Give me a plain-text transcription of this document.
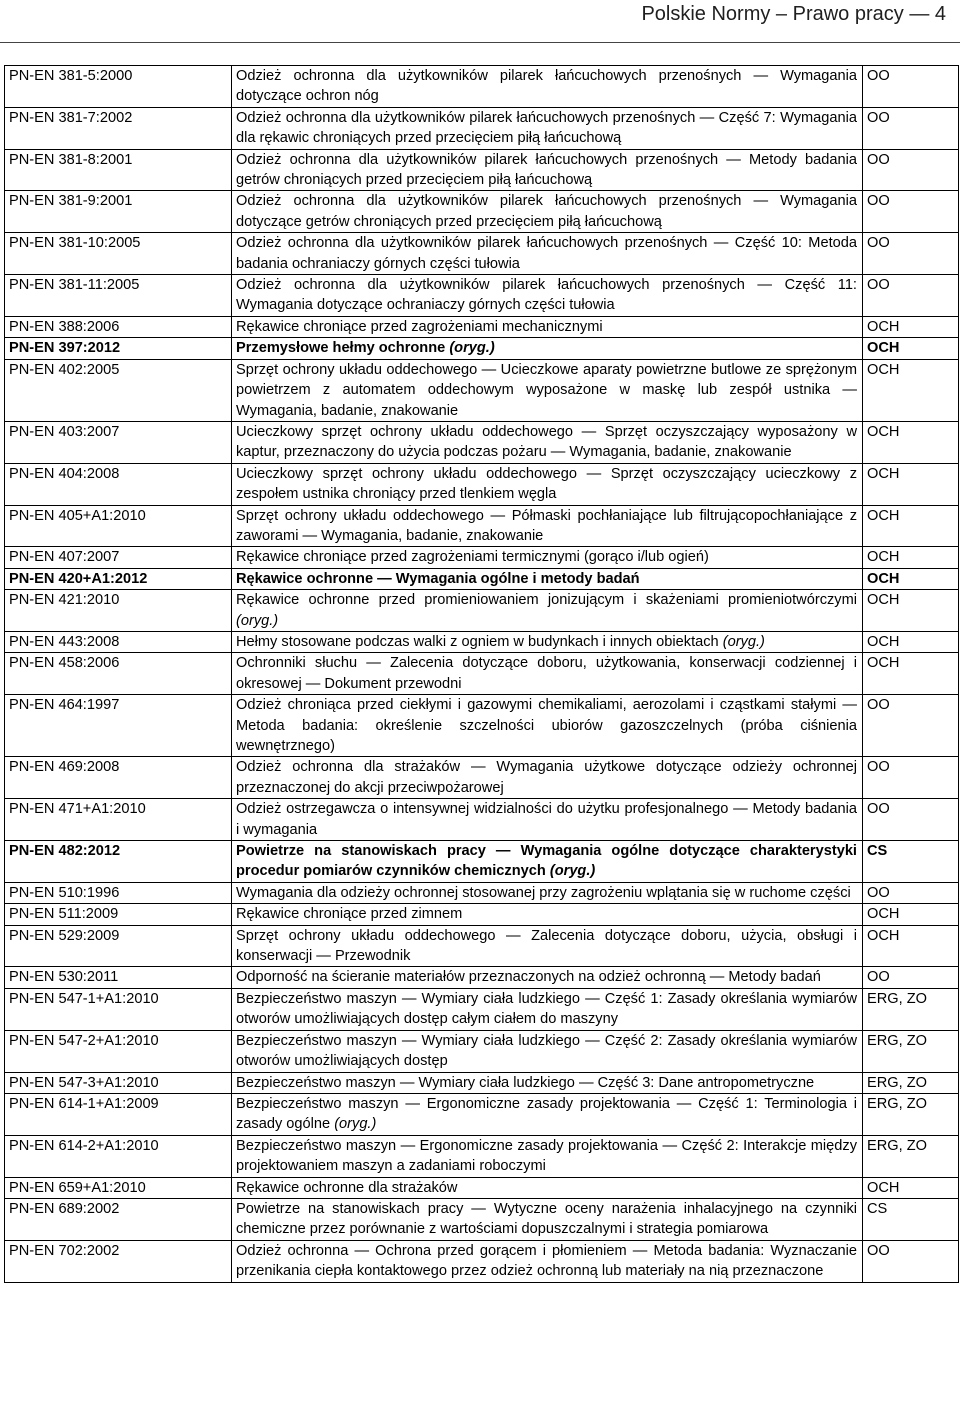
Polskie Normy – Prawo pracy — 4
PN-EN 381-5:2000	Odzież ochronna dla użytkowników pilarek łańcuchowych przenośnych — Wymagania dotyczące ochron nóg	OO
PN-EN 381-7:2002	Odzież ochronna dla użytkowników pilarek łańcuchowych przenośnych — Część 7: Wymagania dla rękawic chroniących przed przecięciem piłą łańcuchową	OO
PN-EN 381-8:2001	Odzież ochronna dla użytkowników pilarek łańcuchowych przenośnych — Metody badania getrów chroniących przed przecięciem piłą łańcuchową	OO
PN-EN 381-9:2001	Odzież ochronna dla użytkowników pilarek łańcuchowych przenośnych — Wymagania dotyczące getrów chroniących przed przecięciem piłą łańcuchową	OO
PN-EN 381-10:2005	Odzież ochronna dla użytkowników pilarek łańcuchowych przenośnych — Część 10: Metoda badania ochraniaczy górnych części tułowia	OO
PN-EN 381-11:2005	Odzież ochronna dla użytkowników pilarek łańcuchowych przenośnych — Część 11: Wymagania dotyczące ochraniaczy górnych części tułowia	OO
PN-EN 388:2006	Rękawice chroniące przed zagrożeniami mechanicznymi	OCH
PN-EN 397:2012	Przemysłowe hełmy ochronne (oryg.)	OCH
PN-EN 402:2005	Sprzęt ochrony układu oddechowego — Ucieczkowe aparaty powietrzne butlowe ze sprężonym powietrzem z automatem oddechowym wyposażone w maskę lub zespół ustnika — Wymagania, badanie, znakowanie	OCH
PN-EN 403:2007	Ucieczkowy sprzęt ochrony układu oddechowego — Sprzęt oczyszczający wyposażony w kaptur, przeznaczony do użycia podczas pożaru — Wymagania, badanie, znakowanie	OCH
PN-EN 404:2008	Ucieczkowy sprzęt ochrony układu oddechowego — Sprzęt oczyszczający ucieczkowy z zespołem ustnika chroniący przed tlenkiem węgla	OCH
PN-EN 405+A1:2010	Sprzęt ochrony układu oddechowego — Półmaski pochłaniające lub filtrującopochłaniające z zaworami — Wymagania, badanie, znakowanie	OCH
PN-EN 407:2007	Rękawice chroniące przed zagrożeniami termicznymi (gorąco i/lub ogień)	OCH
PN-EN 420+A1:2012	Rękawice ochronne — Wymagania ogólne i metody badań	OCH
PN-EN 421:2010	Rękawice ochronne przed promieniowaniem jonizującym i skażeniami promieniotwórczymi (oryg.)	OCH
PN-EN 443:2008	Hełmy stosowane podczas walki z ogniem w budynkach i innych obiektach (oryg.)	OCH
PN-EN 458:2006	Ochronniki słuchu — Zalecenia dotyczące doboru, użytkowania, konserwacji codziennej i okresowej — Dokument przewodni	OCH
PN-EN 464:1997	Odzież chroniąca przed ciekłymi i gazowymi chemikaliami, aerozolami i cząstkami stałymi — Metoda badania: określenie szczelności ubiorów gazoszczelnych (próba ciśnienia wewnętrznego)	OO
PN-EN 469:2008	Odzież ochronna dla strażaków — Wymagania użytkowe dotyczące odzieży ochronnej przeznaczonej do akcji przeciwpożarowej	OO
PN-EN 471+A1:2010	Odzież ostrzegawcza o intensywnej widzialności do użytku profesjonalnego — Metody badania i wymagania	OO
PN-EN 482:2012	Powietrze na stanowiskach pracy — Wymagania ogólne dotyczące charakterystyki procedur pomiarów czynników chemicznych (oryg.)	CS
PN-EN 510:1996	Wymagania dla odzieży ochronnej stosowanej przy zagrożeniu wplątania się w ruchome części	OO
PN-EN 511:2009	Rękawice chroniące przed zimnem	OCH
PN-EN 529:2009	Sprzęt ochrony układu oddechowego — Zalecenia dotyczące doboru, użycia, obsługi i konserwacji — Przewodnik	OCH
PN-EN 530:2011	Odporność na ścieranie materiałów przeznaczonych na odzież ochronną — Metody badań	OO
PN-EN 547-1+A1:2010	Bezpieczeństwo maszyn — Wymiary ciała ludzkiego — Część 1: Zasady określania wymiarów otworów umożliwiających dostęp całym ciałem do maszyny	ERG, ZO
PN-EN 547-2+A1:2010	Bezpieczeństwo maszyn — Wymiary ciała ludzkiego — Część 2: Zasady określania wymiarów otworów umożliwiających dostęp	ERG, ZO
PN-EN 547-3+A1:2010	Bezpieczeństwo maszyn — Wymiary ciała ludzkiego — Część 3: Dane antropometryczne	ERG, ZO
PN-EN 614-1+A1:2009	Bezpieczeństwo maszyn — Ergonomiczne zasady projektowania — Część 1: Terminologia i zasady ogólne (oryg.)	ERG, ZO
PN-EN 614-2+A1:2010	Bezpieczeństwo maszyn — Ergonomiczne zasady projektowania — Część 2: Interakcje między projektowaniem maszyn a zadaniami roboczymi	ERG, ZO
PN-EN 659+A1:2010	Rękawice ochronne dla strażaków	OCH
PN-EN 689:2002	Powietrze na stanowiskach pracy — Wytyczne oceny narażenia inhalacyjnego na czynniki chemiczne przez porównanie z wartościami dopuszczalnymi i strategia pomiarowa	CS
PN-EN 702:2002	Odzież ochronna — Ochrona przed gorącem i płomieniem — Metoda badania: Wyznaczanie przenikania ciepła kontaktowego przez odzież ochronną lub materiały na nią przeznaczone	OO
